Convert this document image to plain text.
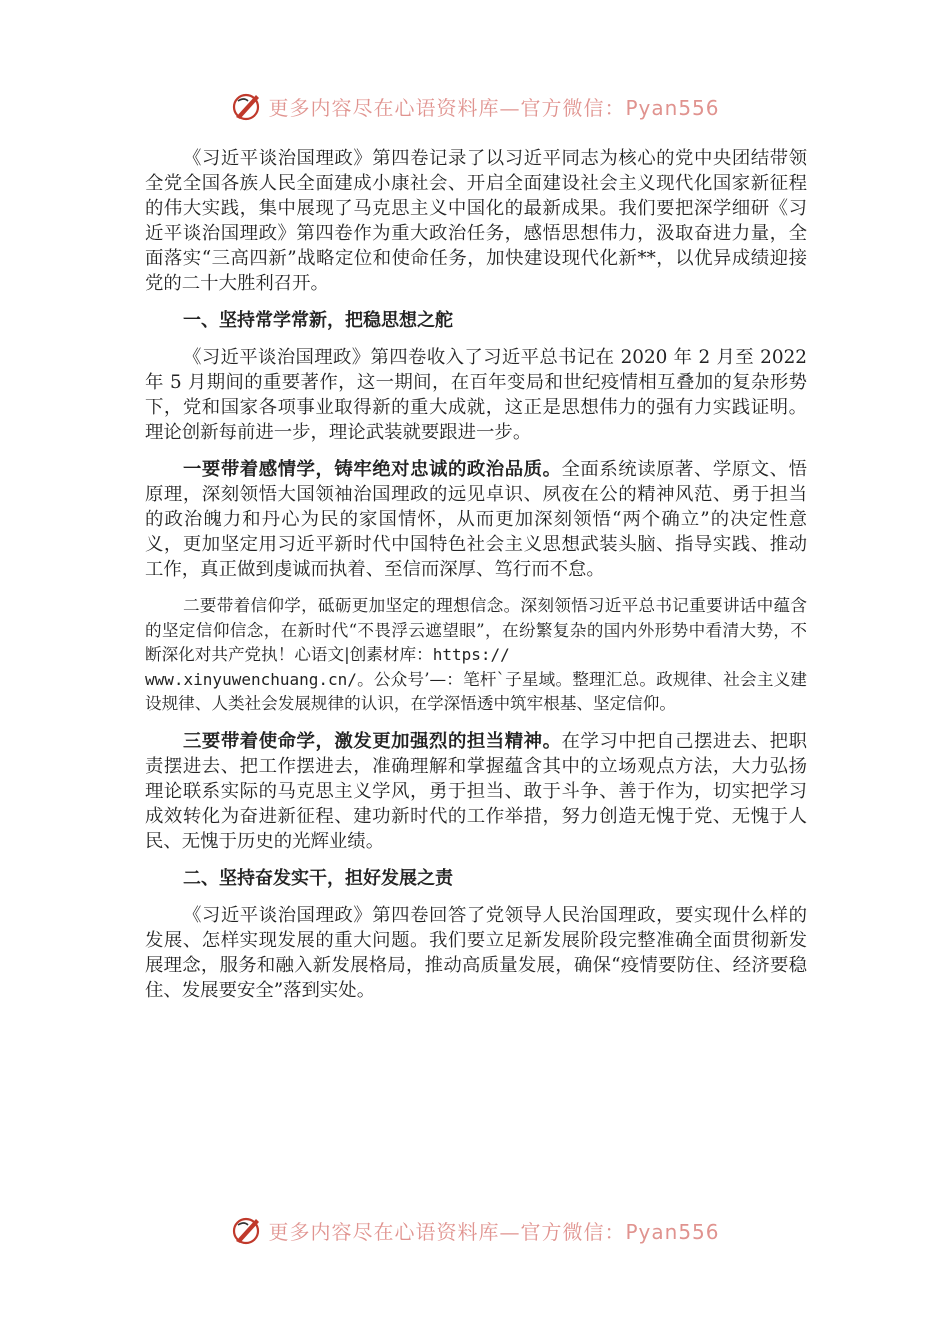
更多内容尽在心语资料库—官方微信：Pyan556

《习近平谈治国理政》第四卷记录了以习近平同志为核心的党中央团结带领全党全国各族人民全面建成小康社会、开启全面建设社会主义现代化国家新征程的伟大实践，集中展现了马克思主义中国化的最新成果。我们要把深学细研《习近平谈治国理政》第四卷作为重大政治任务，感悟思想伟力，汲取奋进力量，全面落实“三高四新”战略定位和使命任务，加快建设现代化新**，以优异成绩迎接党的二十大胜利召开。

一、坚持常学常新，把稳思想之舵

《习近平谈治国理政》第四卷收入了习近平总书记在 2020 年 2 月至 2022 年 5 月期间的重要著作，这一期间，在百年变局和世纪疫情相互叠加的复杂形势下，党和国家各项事业取得新的重大成就，这正是思想伟力的强有力实践证明。理论创新每前进一步，理论武装就要跟进一步。

一要带着感情学，铸牢绝对忠诚的政治品质。全面系统读原著、学原文、悟原理，深刻领悟大国领袖治国理政的远见卓识、夙夜在公的精神风范、勇于担当的政治魄力和丹心为民的家国情怀，从而更加深刻领悟“两个确立”的决定性意义，更加坚定用习近平新时代中国特色社会主义思想武装头脑、指导实践、推动工作，真正做到虔诚而执着、至信而深厚、笃行而不怠。

二要带着信仰学，砥砺更加坚定的理想信念。深刻领悟习近平总书记重要讲话中蕴含的坚定信仰信念，在新时代“不畏浮云遮望眼”，在纷繁复杂的国内外形势中看清大势，不断深化对共产党执！心语文|创素材库：https://
www.xinyuwenchuang.cn/。公众号’—：笔杆`子星域。整理汇总。政规律、社会主义建设规律、人类社会发展规律的认识，在学深悟透中筑牢根基、坚定信仰。

三要带着使命学，激发更加强烈的担当精神。在学习中把自己摆进去、把职责摆进去、把工作摆进去，准确理解和掌握蕴含其中的立场观点方法，大力弘扬理论联系实际的马克思主义学风，勇于担当、敢于斗争、善于作为，切实把学习成效转化为奋进新征程、建功新时代的工作举措，努力创造无愧于党、无愧于人民、无愧于历史的光辉业绩。

二、坚持奋发实干，担好发展之责

《习近平谈治国理政》第四卷回答了党领导人民治国理政，要实现什么样的发展、怎样实现发展的重大问题。我们要立足新发展阶段完整准确全面贯彻新发展理念，服务和融入新发展格局，推动高质量发展，确保“疫情要防住、经济要稳住、发展要安全”落到实处。

更多内容尽在心语资料库—官方微信：Pyan556
